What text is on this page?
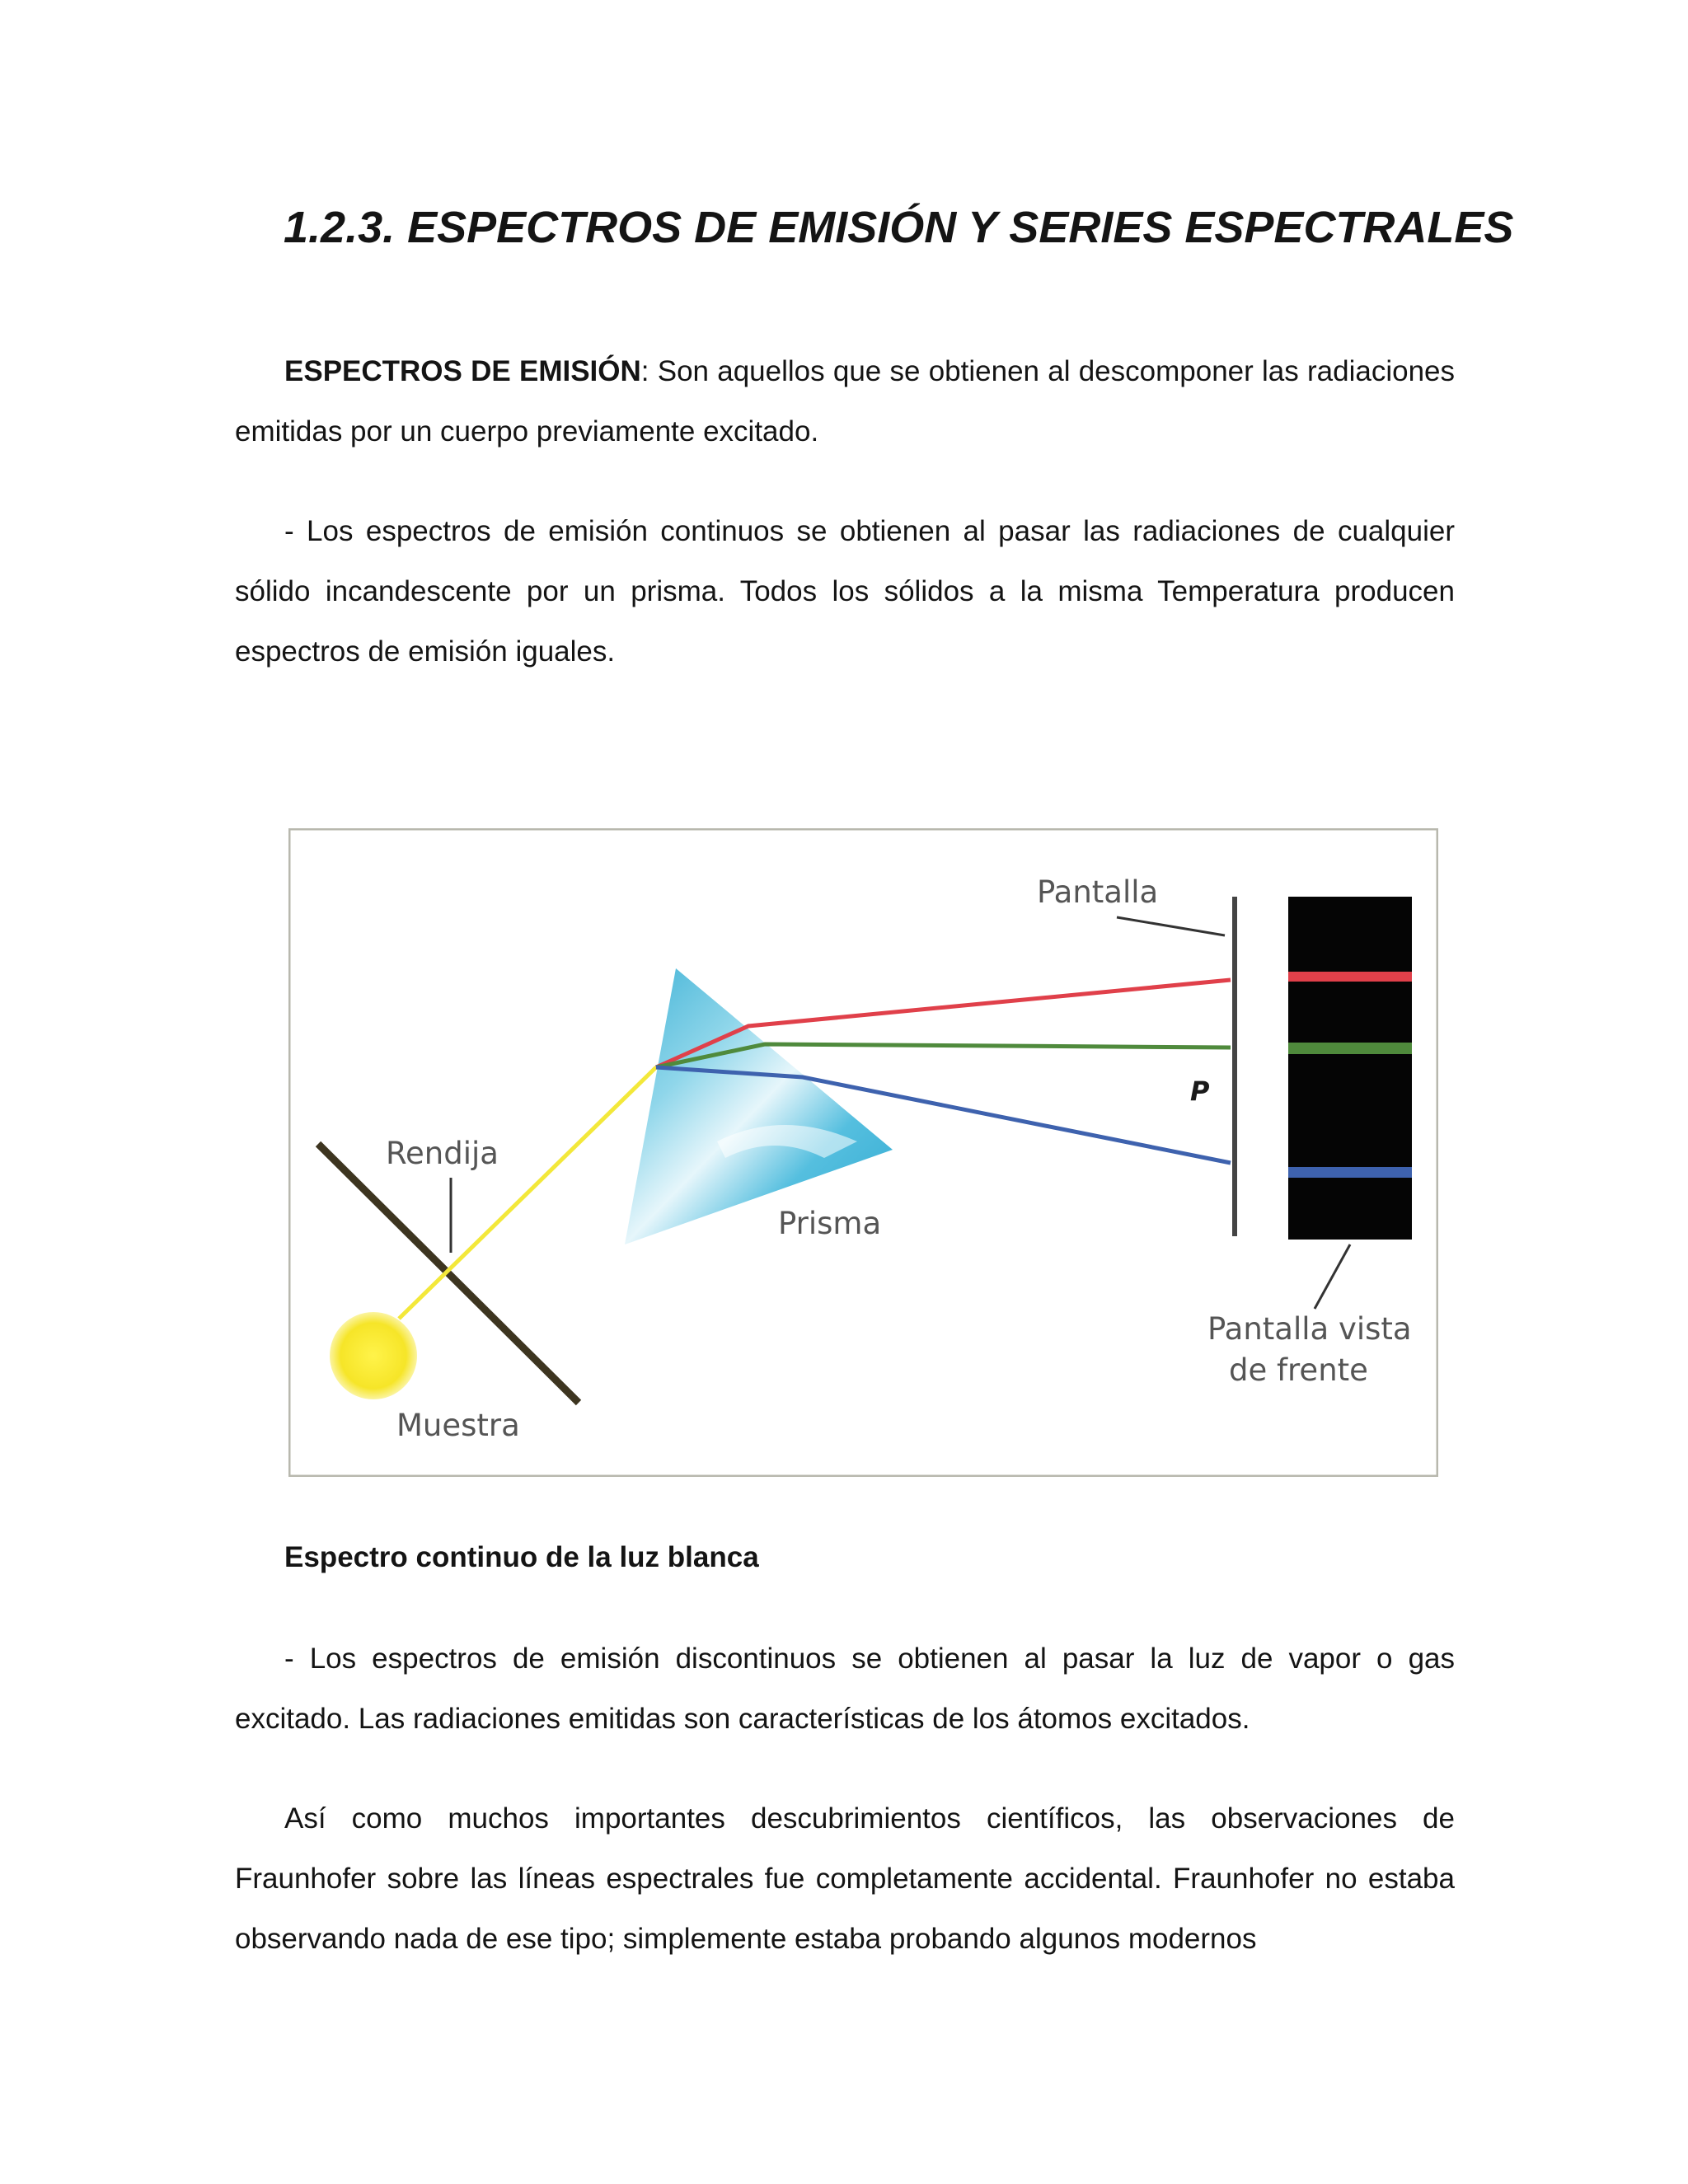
1.2.3. ESPECTROS DE EMISIÓN Y SERIES ESPECTRALES

ESPECTROS DE EMISIÓN: Son aquellos que se obtienen al descomponer las radiaciones emitidas por un cuerpo previamente excitado.

- Los espectros de emisión continuos se obtienen al pasar las radiaciones de cualquier sólido incandescente por un prisma. Todos los sólidos a la misma Temperatura producen espectros de emisión iguales.

Pantalla
Rendija
Prisma
Muestra
P
Pantalla vista
de frente

Espectro continuo de la luz blanca

- Los espectros de emisión discontinuos se obtienen al pasar la luz de vapor o gas excitado. Las radiaciones emitidas son características de los átomos excitados.

Así como muchos importantes descubrimientos científicos, las observaciones de Fraunhofer sobre las líneas espectrales fue completamente accidental. Fraunhofer no estaba observando nada de ese tipo; simplemente estaba probando algunos modernos
